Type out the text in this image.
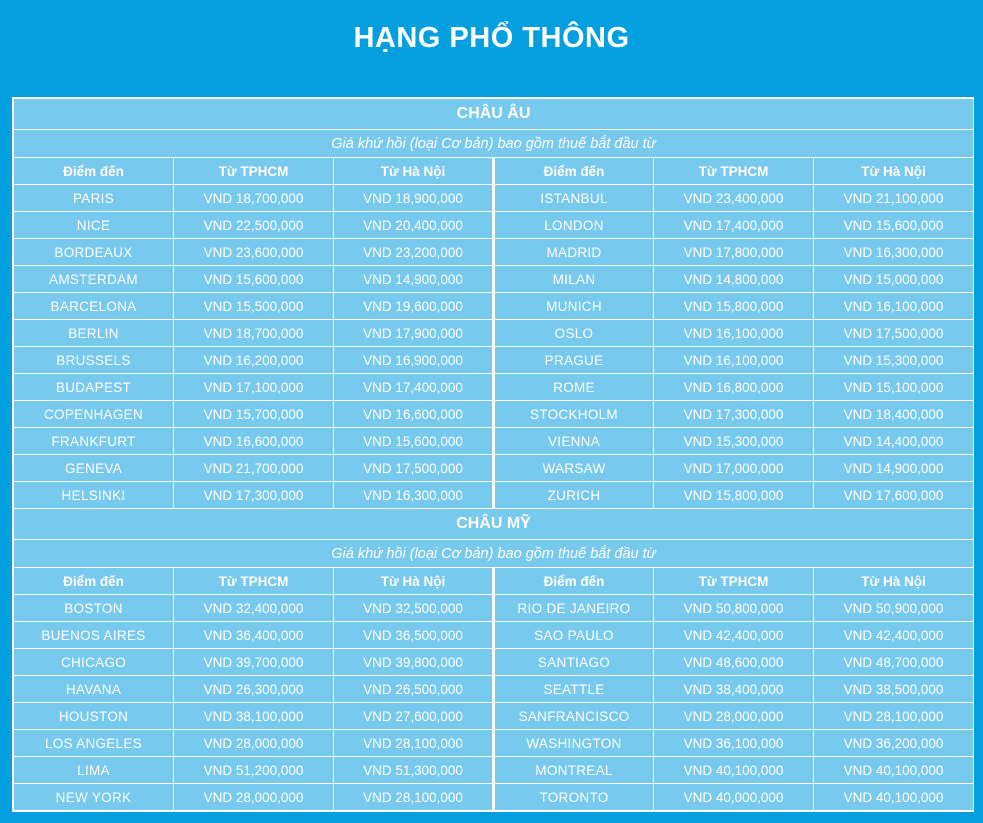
HẠNG PHỔ THÔNG
CHÂU ÂU					
Giá khứ hồi (loại Cơ bản) bao gồm thuế bắt đầu từ					
Điểm đến	Từ TPHCM	Từ Hà Nội	Điểm đến	Từ TPHCM	Từ Hà Nội
PARIS	VND 18,700,000	VND 18,900,000	ISTANBUL	VND 23,400,000	VND 21,100,000
NICE	VND 22,500,000	VND 20,400,000	LONDON	VND 17,400,000	VND 15,600,000
BORDEAUX	VND 23,600,000	VND 23,200,000	MADRID	VND 17,800,000	VND 16,300,000
AMSTERDAM	VND 15,600,000	VND 14,900,000	MILAN	VND 14,800,000	VND 15,000,000
BARCELONA	VND 15,500,000	VND 19,600,000	MUNICH	VND 15,800,000	VND 16,100,000
BERLIN	VND 18,700,000	VND 17,900,000	OSLO	VND 16,100,000	VND 17,500,000
BRUSSELS	VND 16,200,000	VND 16,900,000	PRAGUE	VND 16,100,000	VND 15,300,000
BUDAPEST	VND 17,100,000	VND 17,400,000	ROME	VND 16,800,000	VND 15,100,000
COPENHAGEN	VND 15,700,000	VND 16,600,000	STOCKHOLM	VND 17,300,000	VND 18,400,000
FRANKFURT	VND 16,600,000	VND 15,600,000	VIENNA	VND 15,300,000	VND 14,400,000
GENEVA	VND 21,700,000	VND 17,500,000	WARSAW	VND 17,000,000	VND 14,900,000
HELSINKI	VND 17,300,000	VND 16,300,000	ZURICH	VND 15,800,000	VND 17,600,000
CHÂU MỸ					
Giá khứ hồi (loại Cơ bản) bao gồm thuế bắt đầu từ					
Điểm đến	Từ TPHCM	Từ Hà Nội	Điểm đến	Từ TPHCM	Từ Hà Nội
BOSTON	VND 32,400,000	VND 32,500,000	RIO DE JANEIRO	VND 50,800,000	VND 50,900,000
BUENOS AIRES	VND 36,400,000	VND 36,500,000	SAO PAULO	VND 42,400,000	VND 42,400,000
CHICAGO	VND 39,700,000	VND 39,800,000	SANTIAGO	VND 48,600,000	VND 48,700,000
HAVANA	VND 26,300,000	VND 26,500,000	SEATTLE	VND 38,400,000	VND 38,500,000
HOUSTON	VND 38,100,000	VND 27,600,000	SANFRANCISCO	VND 28,000,000	VND 28,100,000
LOS ANGELES	VND 28,000,000	VND 28,100,000	WASHINGTON	VND 36,100,000	VND 36,200,000
LIMA	VND 51,200,000	VND 51,300,000	MONTREAL	VND 40,100,000	VND 40,100,000
NEW YORK	VND 28,000,000	VND 28,100,000	TORONTO	VND 40,000,000	VND 40,100,000
